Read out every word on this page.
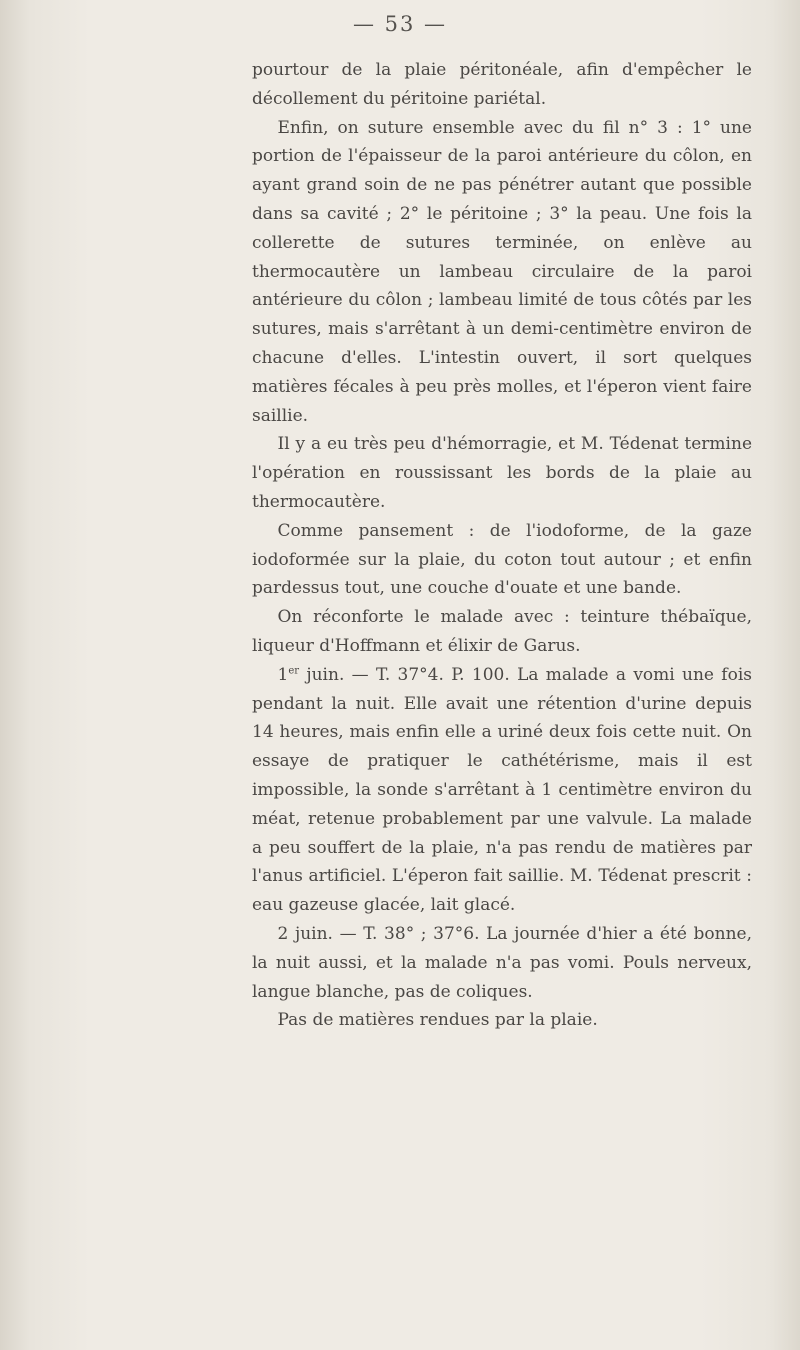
— 53 —

pourtour de la plaie péritonéale, afin d'empêcher le décollement du péritoine pariétal.

Enfin, on suture ensemble avec du fil n° 3 : 1° une portion de l'épaisseur de la paroi antérieure du côlon, en ayant grand soin de ne pas pénétrer autant que possible dans sa cavité ; 2° le péritoine ; 3° la peau. Une fois la collerette de sutures terminée, on enlève au thermocautère un lambeau circulaire de la paroi antérieure du côlon ; lambeau limité de tous côtés par les sutures, mais s'arrêtant à un demi-centimètre environ de chacune d'elles. L'intestin ouvert, il sort quelques matières fécales à peu près molles, et l'éperon vient faire saillie.

Il y a eu très peu d'hémorragie, et M. Tédenat termine l'opération en roussissant les bords de la plaie au thermocautère.

Comme pansement : de l'iodoforme, de la gaze iodoformée sur la plaie, du coton tout autour ; et enfin pardessus tout, une couche d'ouate et une bande.

On réconforte le malade avec : teinture thébaïque, liqueur d'Hoffmann et élixir de Garus.

1er juin. — T. 37°4. P. 100. La malade a vomi une fois pendant la nuit. Elle avait une rétention d'urine depuis 14 heures, mais enfin elle a uriné deux fois cette nuit. On essaye de pratiquer le cathétérisme, mais il est impossible, la sonde s'arrêtant à 1 centimètre environ du méat, retenue probablement par une valvule. La malade a peu souffert de la plaie, n'a pas rendu de matières par l'anus artificiel. L'éperon fait saillie. M. Tédenat prescrit : eau gazeuse glacée, lait glacé.

2 juin. — T. 38° ; 37°6. La journée d'hier a été bonne, la nuit aussi, et la malade n'a pas vomi. Pouls nerveux, langue blanche, pas de coliques.

Pas de matières rendues par la plaie.
